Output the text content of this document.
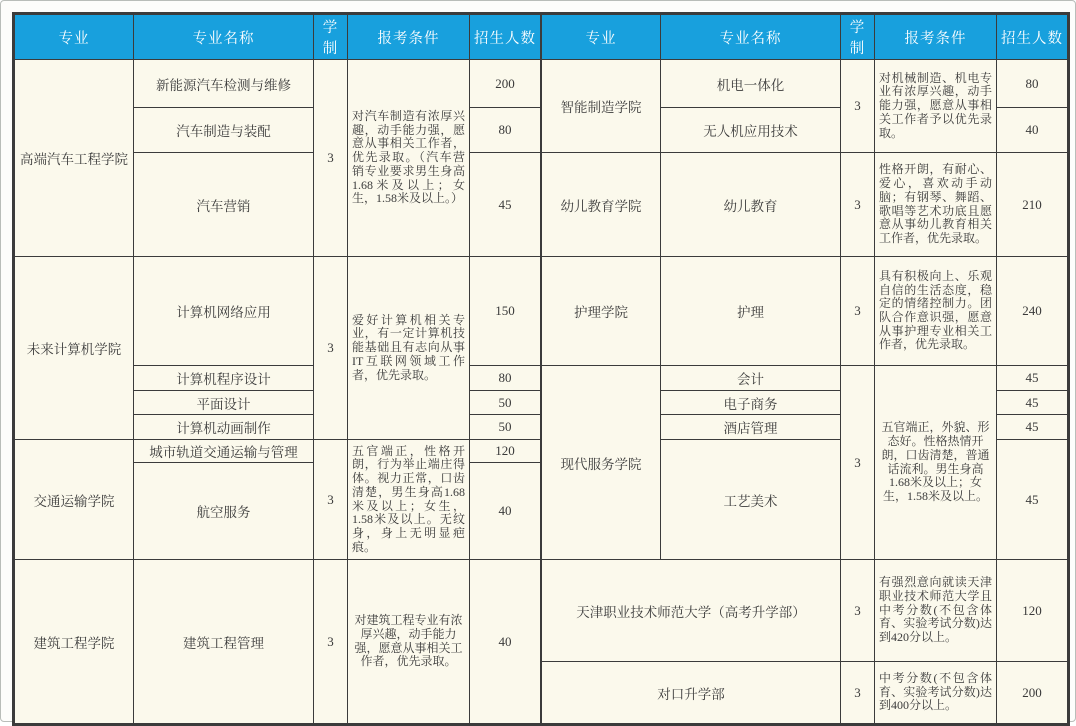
专业	专业名称	学制	报考条件	招生人数
高端汽车工程学院	新能源汽车检测与维修	3	对汽车制造有浓厚兴趣，动手能力强，愿意从事相关工作者，优先录取。（汽车营销专业要求男生身高1.68米及以上；女生，1.58米及以上。）	200
	汽车制造与装配			80
	汽车营销			45
未来计算机学院	计算机网络应用	3	爱好计算机相关专业，有一定计算机技能基础且有志向从事IT互联网领域工作者，优先录取。	150
	计算机程序设计			80
	平面设计			50
	计算机动画制作			50
交通运输学院	城市轨道交通运输与管理	3	五官端正，性格开朗，行为举止端庄得体。视力正常，口齿清楚，男生身高1.68米及以上；女生，1.58米及以上。无纹身，身上无明显疤痕。	120
	航空服务			40
建筑工程学院	建筑工程管理	3	对建筑工程专业有浓厚兴趣，动手能力强，愿意从事相关工作者，优先录取。	40
专业	专业名称	学制	报考条件	招生人数
智能制造学院	机电一体化	3	对机械制造、机电专业有浓厚兴趣，动手能力强，愿意从事相关工作者予以优先录取。	80
	无人机应用技术			40
幼儿教育学院	幼儿教育	3	性格开朗，有耐心、爱心，喜欢动手动脑；有钢琴、舞蹈、歌唱等艺术功底且愿意从事幼儿教育相关工作者，优先录取。	210
护理学院	护理	3	具有积极向上、乐观自信的生活态度，稳定的情绪控制力。团队合作意识强，愿意从事护理专业相关工作者，优先录取。	240
现代服务学院	会计	3	五官端正，外貌、形态好。性格热情开朗，口齿清楚，普通话流利。男生身高1.68米及以上；女生，1.58米及以上。	45
	电子商务			45
	酒店管理			45
	工艺美术			45
天津职业技术师范大学（高考升学部）		3	有强烈意向就读天津职业技术师范大学且中考分数(不包含体育、实验考试分数)达到420分以上。	120
对口升学部		3	中考分数(不包含体育、实验考试分数)达到400分以上。	200
